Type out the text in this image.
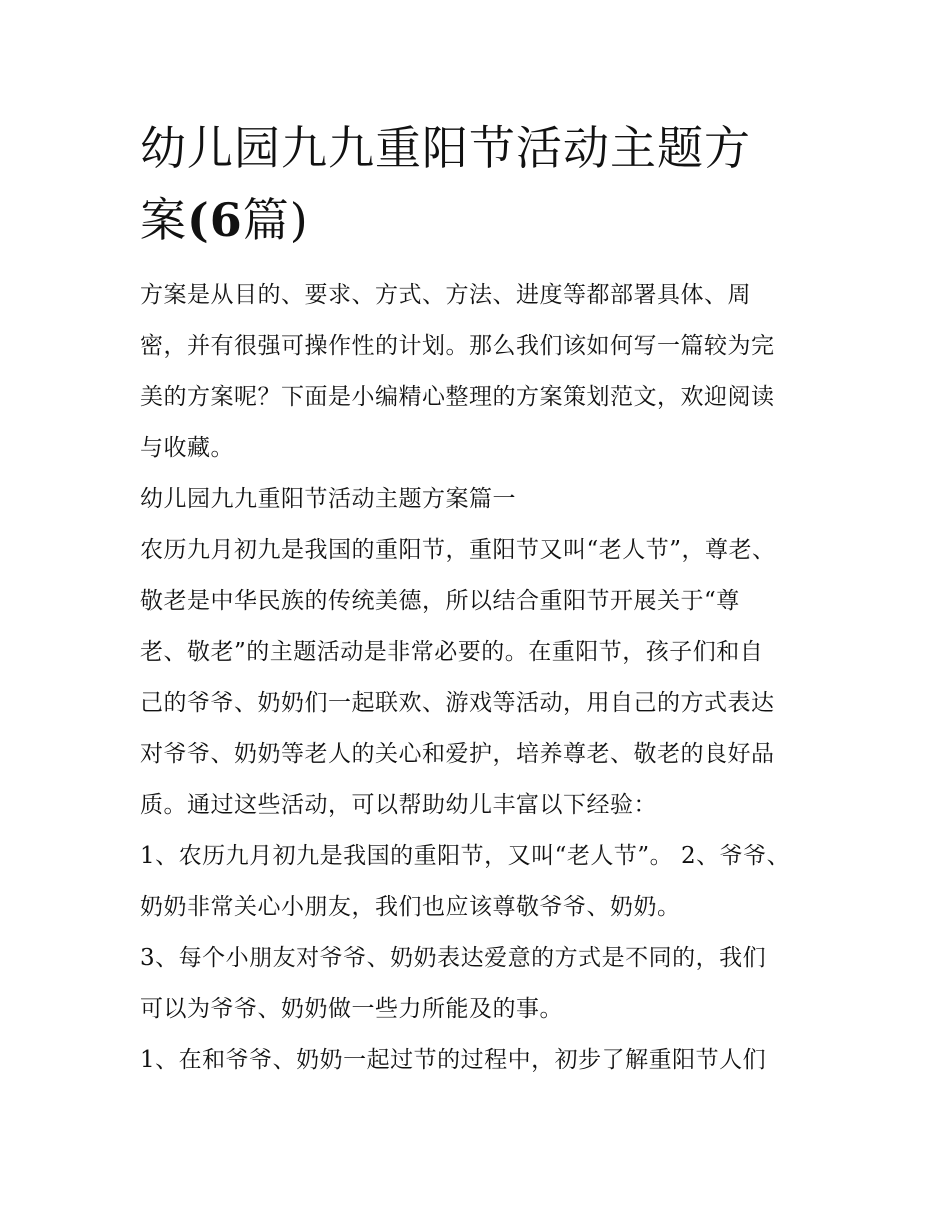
幼儿园九九重阳节活动主题方
案(6篇)
方案是从目的、要求、方式、方法、进度等都部署具体、周
密，并有很强可操作性的计划。那么我们该如何写一篇较为完
美的方案呢？下面是小编精心整理的方案策划范文，欢迎阅读
与收藏。
幼儿园九九重阳节活动主题方案篇一
农历九月初九是我国的重阳节，重阳节又叫“老人节”，尊老、
敬老是中华民族的传统美德，所以结合重阳节开展关于“尊
老、敬老”的主题活动是非常必要的。在重阳节，孩子们和自
己的爷爷、奶奶们一起联欢、游戏等活动，用自己的方式表达
对爷爷、奶奶等老人的关心和爱护，培养尊老、敬老的良好品
质。通过这些活动，可以帮助幼儿丰富以下经验：
1、农历九月初九是我国的重阳节，又叫“老人节”。 2、爷爷、
奶奶非常关心小朋友，我们也应该尊敬爷爷、奶奶。
3、每个小朋友对爷爷、奶奶表达爱意的方式是不同的，我们
可以为爷爷、奶奶做一些力所能及的事。
1、在和爷爷、奶奶一起过节的过程中，初步了解重阳节人们
